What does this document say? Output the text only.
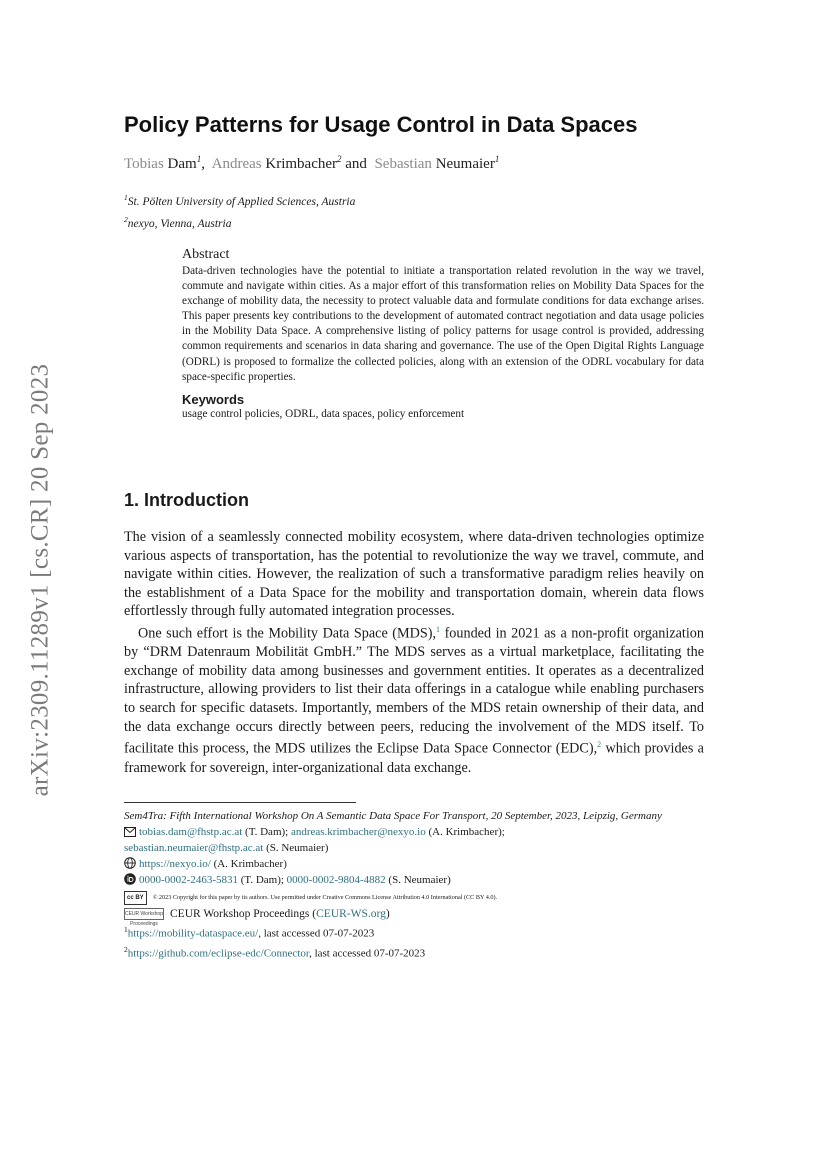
arXiv:2309.11289v1 [cs.CR] 20 Sep 2023
Policy Patterns for Usage Control in Data Spaces
Tobias Dam$^1$, Andreas Krimbacher$^2$ and Sebastian Neumaier$^1$
$^1$St. Pölten University of Applied Sciences, Austria
$^2$nexyo, Vienna, Austria
Abstract
Data-driven technologies have the potential to initiate a transportation related revolution in the way we travel, commute and navigate within cities. As a major effort of this transformation relies on Mobility Data Spaces for the exchange of mobility data, the necessity to protect valuable data and formulate conditions for data exchange arises. This paper presents key contributions to the development of automated contract negotiation and data usage policies in the Mobility Data Space. A comprehensive listing of policy patterns for usage control is provided, addressing common requirements and scenarios in data sharing and governance. The use of the Open Digital Rights Language (ODRL) is proposed to formalize the collected policies, along with an extension of the ODRL vocabulary for data space-specific properties.
Keywords
usage control policies, ODRL, data spaces, policy enforcement
1. Introduction

The vision of a seamlessly connected mobility ecosystem, where data-driven technologies optimize various aspects of transportation, has the potential to revolutionize the way we travel, commute, and navigate within cities. However, the realization of such a transformative paradigm relies heavily on the establishment of a Data Space for the mobility and transportation domain, wherein data flows effortlessly through fully automated integration processes.

One such effort is the Mobility Data Space (MDS),$^1$ founded in 2021 as a non-profit organization by “DRM Datenraum Mobilität GmbH.” The MDS serves as a virtual marketplace, facilitating the exchange of mobility data among businesses and government entities. It operates as a decentralized infrastructure, allowing providers to list their data offerings in a catalogue while enabling purchasers to search for specific datasets. Importantly, members of the MDS retain ownership of their data, and the data exchange occurs directly between peers, reducing the involvement of the MDS itself. To facilitate this process, the MDS utilizes the Eclipse Data Space Connector (EDC),$^2$ which provides a framework for sovereign, inter-organizational data exchange.

Sem4Tra: Fifth International Workshop On A Semantic Data Space For Transport, 20 September, 2023, Leipzig, Germany
tobias.dam@fhstp.ac.at (T. Dam); andreas.krimbacher@nexyo.io (A. Krimbacher);
sebastian.neumaier@fhstp.ac.at (S. Neumaier)
https://nexyo.io/ (A. Krimbacher)
0000-0002-2463-5831 (T. Dam); 0000-0002-9804-4882 (S. Neumaier)
cc BY	© 2023 Copyright for this paper by its authors. Use permitted under Creative Commons License Attribution 4.0 International (CC BY 4.0).
CEUR Workshop Proceedings
CEUR Workshop Proceedings (CEUR-WS.org)
$^1$https://mobility-dataspace.eu/, last accessed 07-07-2023
$^2$https://github.com/eclipse-edc/Connector, last accessed 07-07-2023
